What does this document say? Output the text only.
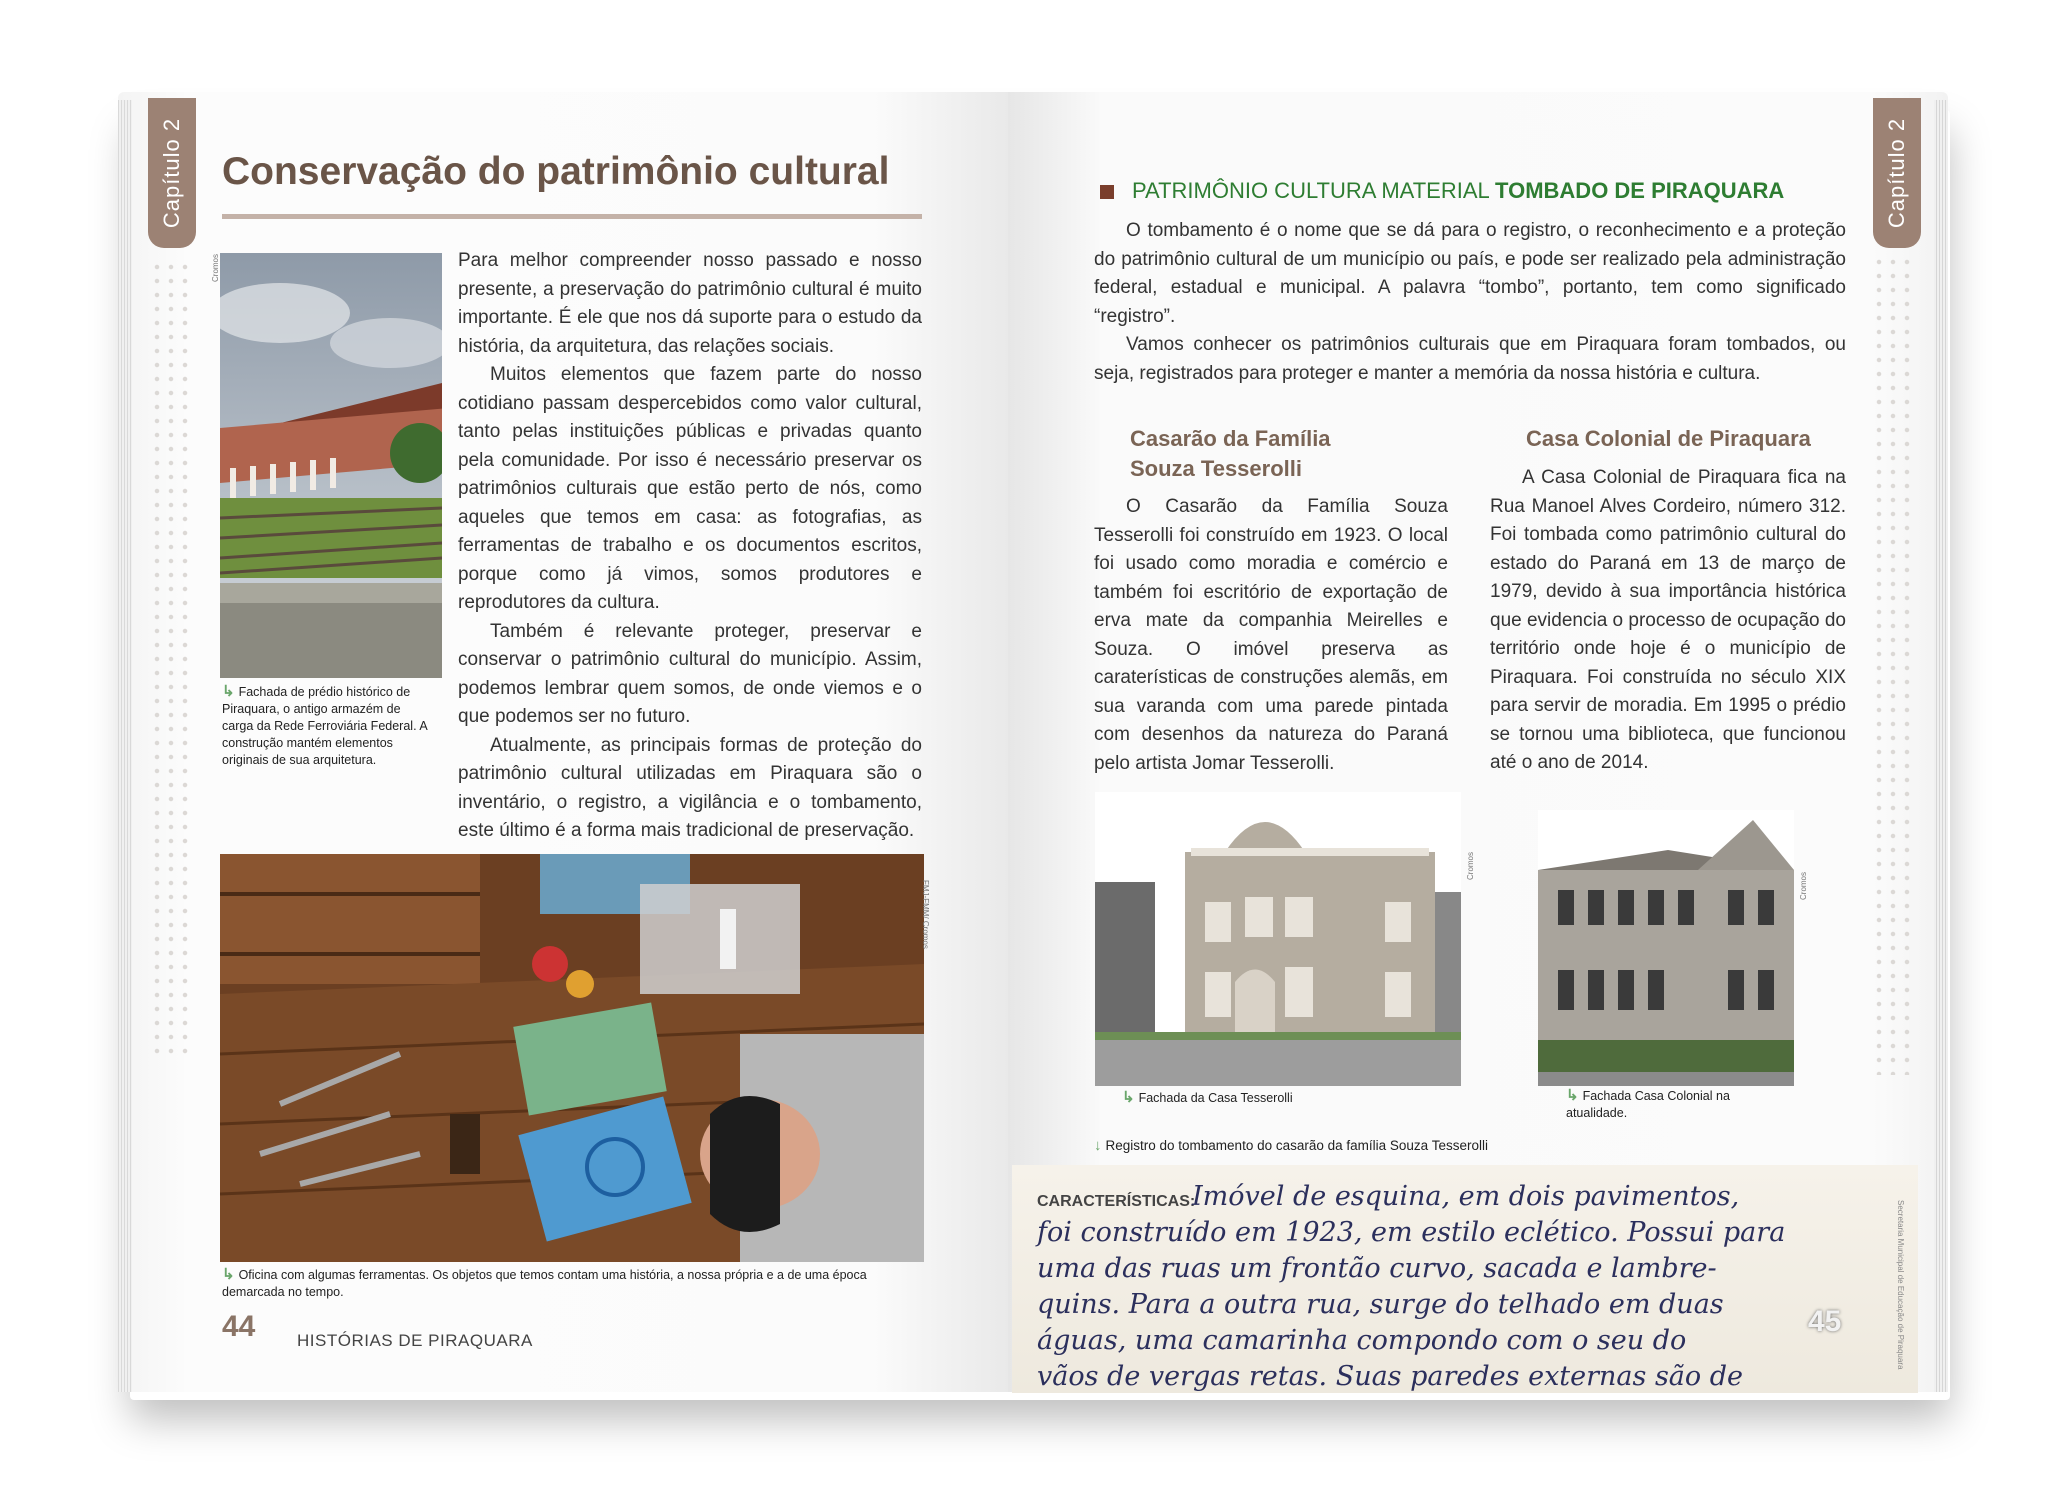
Capítulo 2 Conservação do patrimônio cultural
Cromos
↳ Fachada de prédio histórico de Piraquara, o antigo armazém de carga da Rede Ferroviária Federal. A construção mantém elementos originais de sua arquitetura.

Para melhor compreender nosso passado e nosso presente, a preservação do patrimônio cultural é muito importante. É ele que nos dá suporte para o estudo da história, da arquitetura, das relações sociais.

Muitos elementos que fazem parte do nosso cotidiano passam despercebidos como valor cultural, tanto pelas instituições públicas e privadas quanto pela comunidade. Por isso é necessário preservar os patrimônios culturais que estão perto de nós, como aqueles que temos em casa: as fotografias, as ferramentas de trabalho e os documentos escritos, porque como já vimos, somos produtores e reprodutores da cultura.

Também é relevante proteger, preservar e conservar o patrimônio cultural do município. Assim, podemos lembrar quem somos, de onde viemos e o que podemos ser no futuro.

Atualmente, as principais formas de proteção do patrimônio cultural utilizadas em Piraquara são o inventário, o registro, a vigilância e o tombamento, este último é a forma mais tradicional de preservação.

FMJ-FMM/ Cromos
↳ Oficina com algumas ferramentas. Os objetos que temos contam uma história, a nossa própria e a de uma época demarcada no tempo.
44 HISTÓRIAS DE PIRAQUARA
Capítulo 2
PATRIMÔNIO CULTURA MATERIAL TOMBADO DE PIRAQUARA

O tombamento é o nome que se dá para o registro, o reconhecimento e a proteção do patrimônio cultural de um município ou país, e pode ser realizado pela administração federal, estadual e municipal. A palavra “tombo”, portanto, tem como significado “registro”.

Vamos conhecer os patrimônios culturais que em Piraquara foram tombados, ou seja, registrados para proteger e manter a memória da nossa história e cultura.

Casarão da Família Souza Tesserolli

O Casarão da Família Souza Tesserolli foi construído em 1923. O local foi usado como moradia e comércio e também foi escritório de exportação de erva mate da companhia Meirelles e Souza. O imóvel preserva as caraterísticas de construções alemãs, em sua varanda com uma parede pintada com desenhos da natureza do Paraná pelo artista Jomar Tesserolli.

Casa Colonial de Piraquara

A Casa Colonial de Piraquara fica na Rua Manoel Alves Cordeiro, número 312. Foi tombada como patrimônio cultural do estado do Paraná em 13 de março de 1979, devido à sua importância histórica que evidencia o processo de ocupação do território onde hoje é o município de Piraquara. Foi construída no século XIX para servir de moradia. Em 1995 o prédio se tornou uma biblioteca, que funcionou até o ano de 2014.

Cromos
↳ Fachada da Casa Tesserolli
Cromos
↳ Fachada Casa Colonial na atualidade.
↓ Registro do tombamento do casarão da família Souza Tesserolli
CARACTERÍSTICAS:
Imóvel de esquina, em dois pavimentos,
foi construído em 1923, em estilo eclético. Possui para
uma das ruas um frontão curvo, sacada e lambre-
quins. Para a outra rua, surge do telhado em duas
águas, uma camarinha compondo com o seu do
vãos de vergas retas. Suas paredes externas são de
Secretaria Municipal de Educação de Piraquara
45
